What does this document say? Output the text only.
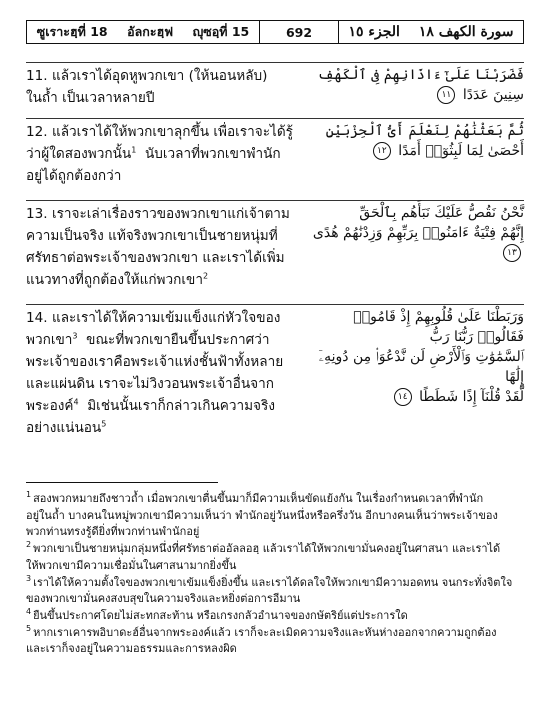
ซูเราะฮฺที่ 18 อัลกะฮฺฟ ญุซอฺที่ 15	692	سورة الكهف ١٨
الجزء ١٥
11. แล้วเราได้อุดหูพวกเขา (ให้นอนหลับ)
ในถ้ำ เป็นเวลาหลายปี
فَضَرَبْنَا عَلَىٰٓ ءَاذَانِهِمْ فِى ٱلْكَهْفِ
سِنِينَ عَدَدًا ١١
12. แล้วเราได้ให้พวกเขาลุกขึ้น เพื่อเราจะได้รู้
ว่าผู้ใดสองพวกนั้น$^1$ นับเวลาที่พวกเขาพำนัก
อยู่ได้ถูกต้องกว่า
ثُمَّ بَعَثْنَٰهُمْ لِنَعْلَمَ أَىُّ ٱلْحِزْبَيْنِ
أَحْصَىٰ لِمَا لَبِثُوٓا۟ أَمَدًا ١٢
13. เราจะเล่าเรื่องราวของพวกเขาแก่เจ้าตาม
ความเป็นจริง แท้จริงพวกเขาเป็นชายหนุ่มที่
ศรัทธาต่อพระเจ้าของพวกเขา และเราได้เพิ่ม
แนวทางที่ถูกต้องให้แก่พวกเขา$^2$
نَّحْنُ نَقُصُّ عَلَيْكَ نَبَأَهُم بِٱلْحَقِّ
إِنَّهُمْ فِتْيَةٌ ءَامَنُوا۟ بِرَبِّهِمْ وَزِدْنَٰهُمْ هُدًى ١٣
14. และเราได้ให้ความเข้มแข็งแก่หัวใจของ
พวกเขา$^3$ ขณะที่พวกเขายืนขึ้นประกาศว่า
พระเจ้าของเราคือพระเจ้าแห่งชั้นฟ้าทั้งหลาย
และแผ่นดิน เราจะไม่วิงวอนพระเจ้าอื่นจาก
พระองค์$^4$ มิเช่นนั้นเราก็กล่าวเกินความจริง
อย่างแน่นอน$^5$
وَرَبَطْنَا عَلَىٰ قُلُوبِهِمْ إِذْ قَامُوا۟ فَقَالُوا۟ رَبُّنَا رَبُّ
ٱلسَّمَٰوَٰتِ وَٱلْأَرْضِ لَن نَّدْعُوَا۟ مِن دُونِهِۦٓ إِلَٰهًا
لَّقَدْ قُلْنَآ إِذًا شَطَطًا ١٤
$^1$ สองพวกหมายถึงชาวถ้ำ เมื่อพวกเขาตื่นขึ้นมาก็มีความเห็นขัดแย้งกัน ในเรื่องกำหนดเวลาที่พำนัก
อยู่ในถ้ำ บางคนในหมู่พวกเขามีความเห็นว่า พำนักอยู่วันหนึ่งหรือครึ่งวัน อีกบางคนเห็นว่าพระเจ้าของ
พวกท่านทรงรู้ดียิ่งที่พวกท่านพำนักอยู่
$^2$ พวกเขาเป็นชายหนุ่มกลุ่มหนึ่งที่ศรัทธาต่ออัลลอฮฺ แล้วเราได้ให้พวกเขามั่นคงอยู่ในศาสนา และเราได้
ให้พวกเขามีความเชื่อมั่นในศาสนามากยิ่งขึ้น
$^3$ เราได้ให้ความตั้งใจของพวกเขาเข้มแข็งยิ่งขึ้น และเราได้ดลใจให้พวกเขามีความอดทน จนกระทั่งจิตใจ
ของพวกเขามั่นคงสงบสุขในความจริงและหยิ่งต่อการอีมาน
$^4$ ยืนขึ้นประกาศโดยไม่สะทกสะท้าน หรือเกรงกลัวอำนาจของกษัตริย์แต่ประการใด
$^5$ หากเราเคารพอิบาดะฮ์อื่นจากพระองค์แล้ว เราก็จะละเมิดความจริงและหันห่างออกจากความถูกต้อง
และเราก็จงอยู่ในความอธรรมและการหลงผิด
